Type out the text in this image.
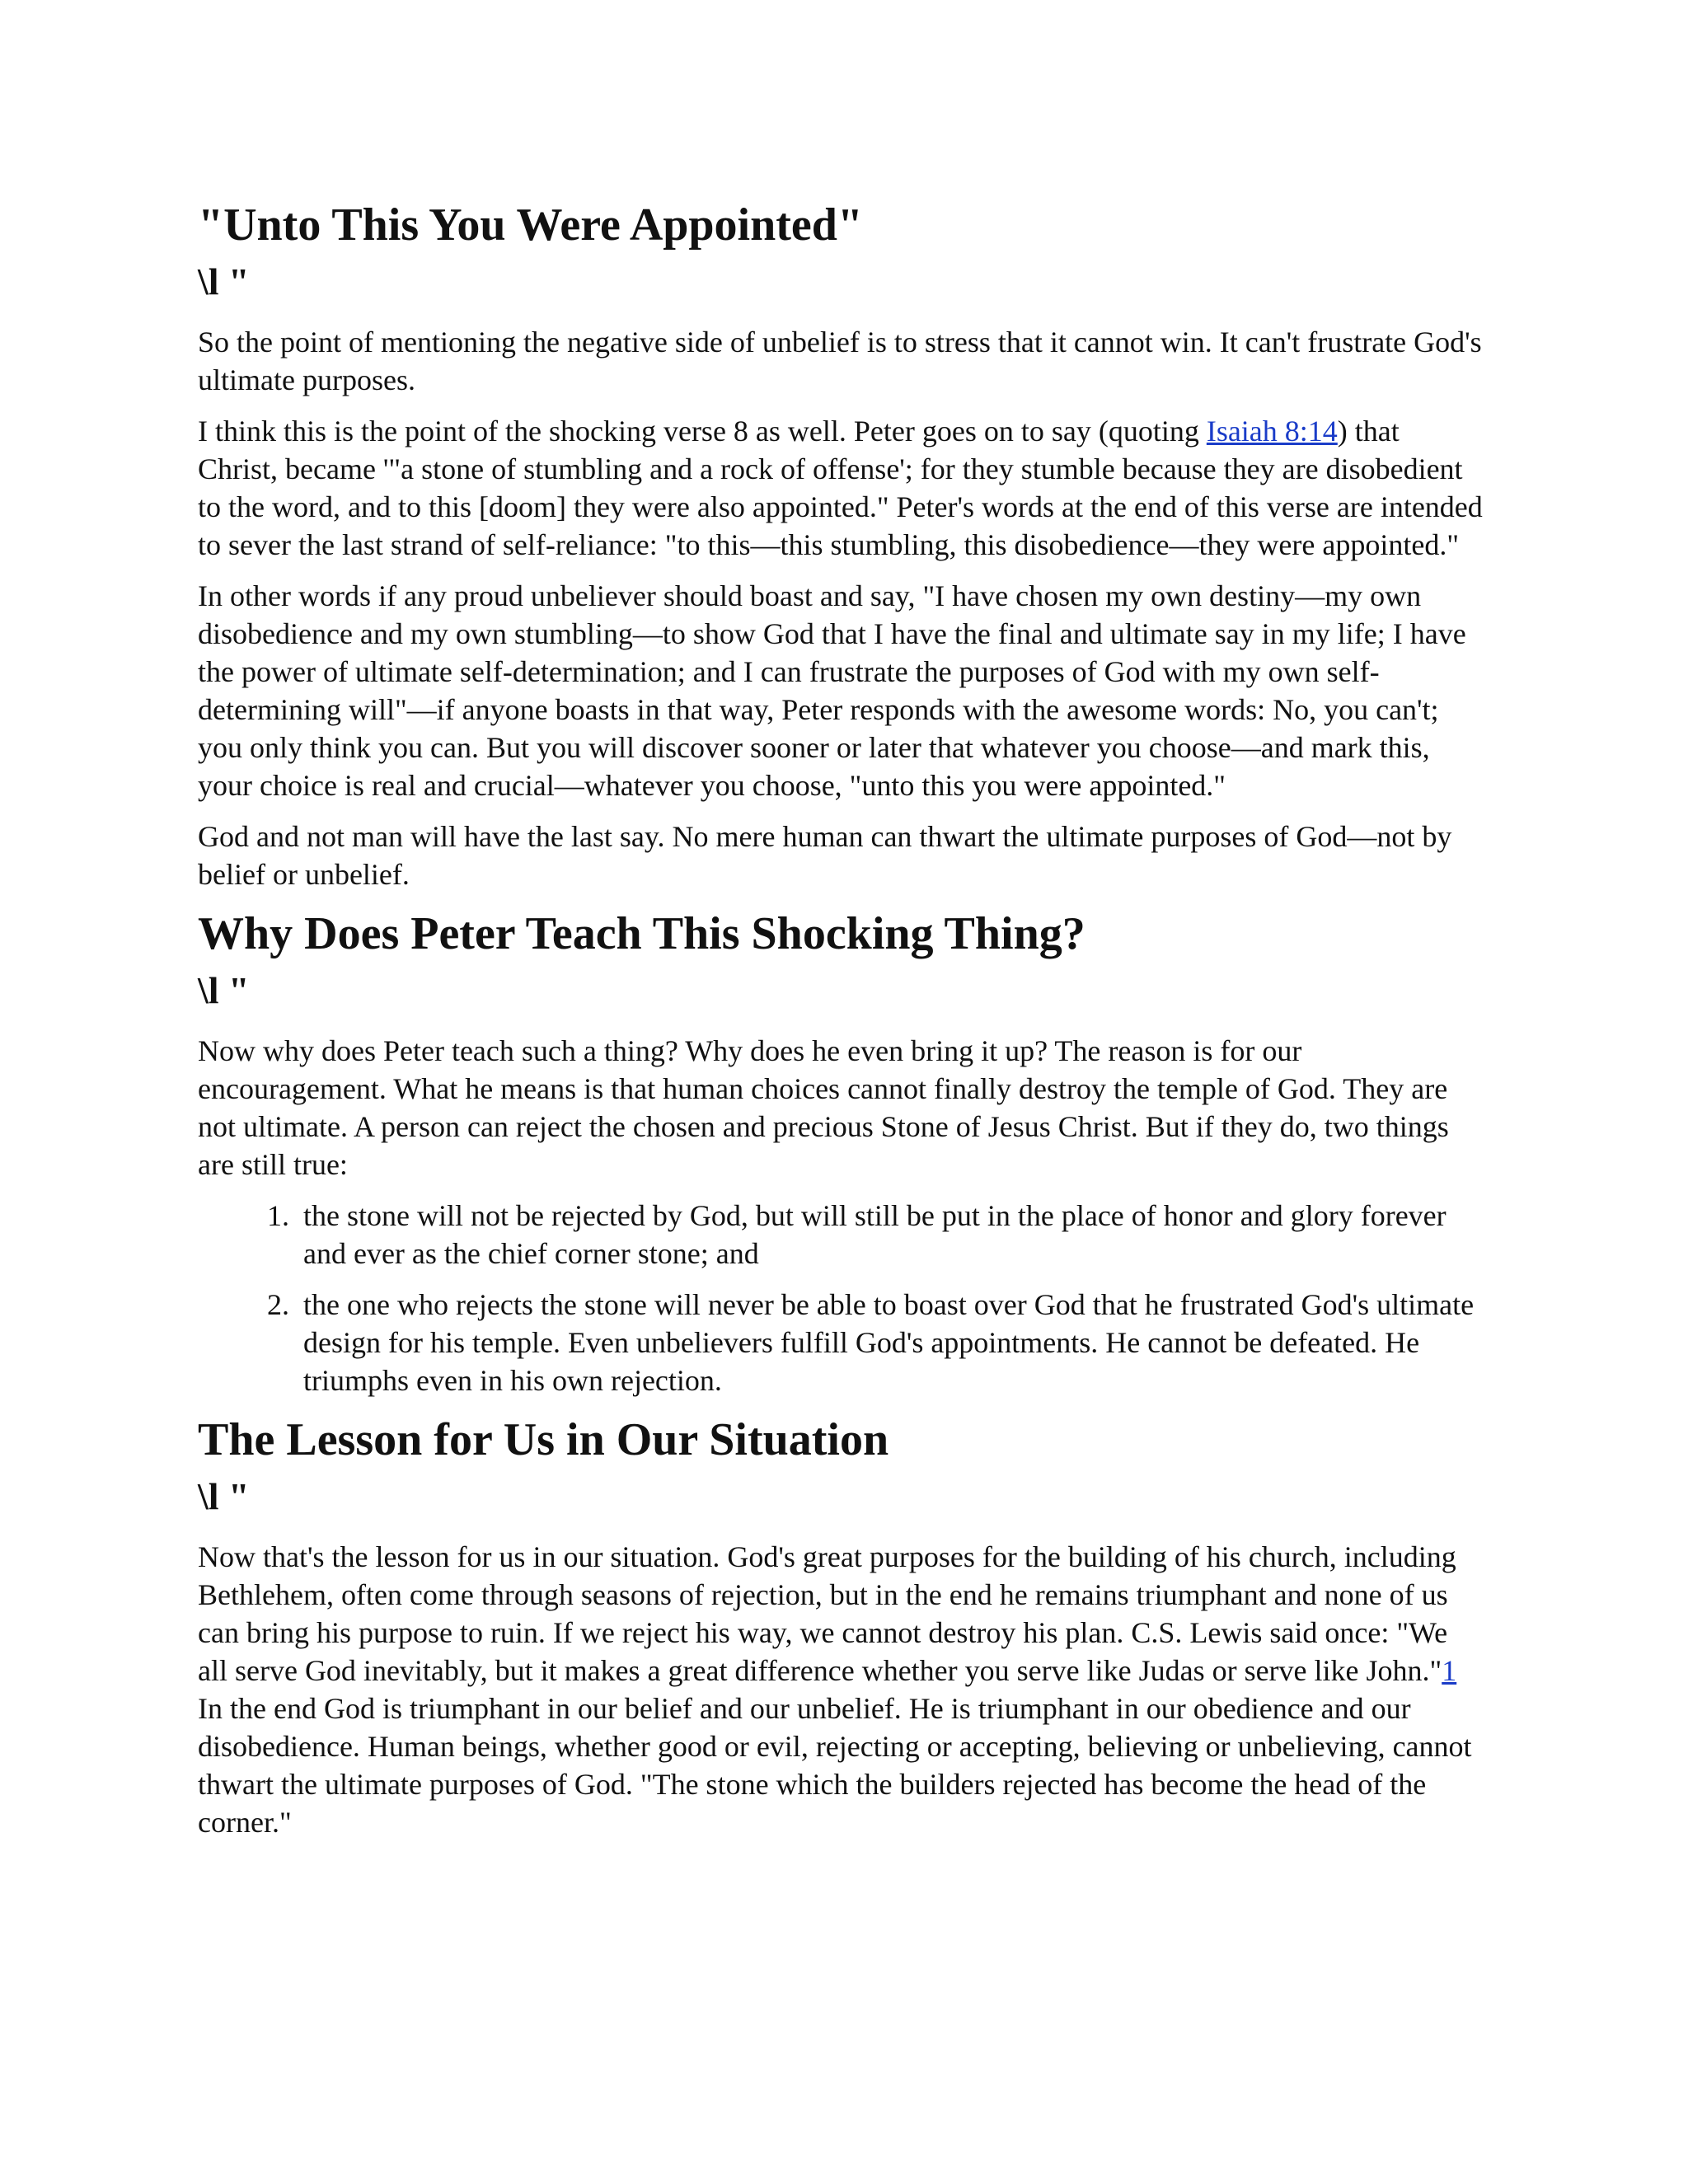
"Unto This You Were Appointed"
\l "

So the point of mentioning the negative side of unbelief is to stress that it cannot win. It can't frustrate God's ultimate purposes.

I think this is the point of the shocking verse 8 as well. Peter goes on to say (quoting Isaiah 8:14) that Christ, became '"a stone of stumbling and a rock of offense'; for they stumble because they are disobedient to the word, and to this [doom] they were also appointed." Peter's words at the end of this verse are intended to sever the last strand of self-reliance: "to this—this stumbling, this disobedience—they were appointed."

In other words if any proud unbeliever should boast and say, "I have chosen my own destiny—my own disobedience and my own stumbling—to show God that I have the final and ultimate say in my life; I have the power of ultimate self-determination; and I can frustrate the purposes of God with my own self-determining will"—if anyone boasts in that way, Peter responds with the awesome words: No, you can't; you only think you can. But you will discover sooner or later that whatever you choose—and mark this, your choice is real and crucial—whatever you choose, "unto this you were appointed."

God and not man will have the last say. No mere human can thwart the ultimate purposes of God—not by belief or unbelief.

Why Does Peter Teach This Shocking Thing?
\l "

Now why does Peter teach such a thing? Why does he even bring it up? The reason is for our encouragement. What he means is that human choices cannot finally destroy the temple of God. They are not ultimate. A person can reject the chosen and precious Stone of Jesus Christ. But if they do, two things are still true:

1. the stone will not be rejected by God, but will still be put in the place of honor and glory forever and ever as the chief corner stone; and
2. the one who rejects the stone will never be able to boast over God that he frustrated God's ultimate design for his temple. Even unbelievers fulfill God's appointments. He cannot be defeated. He triumphs even in his own rejection.
The Lesson for Us in Our Situation
\l "

Now that's the lesson for us in our situation. God's great purposes for the building of his church, including Bethlehem, often come through seasons of rejection, but in the end he remains triumphant and none of us can bring his purpose to ruin. If we reject his way, we cannot destroy his plan. C.S. Lewis said once: "We all serve God inevitably, but it makes a great difference whether you serve like Judas or serve like John."1 In the end God is triumphant in our belief and our unbelief. He is triumphant in our obedience and our disobedience. Human beings, whether good or evil, rejecting or accepting, believing or unbelieving, cannot thwart the ultimate purposes of God. "The stone which the builders rejected has become the head of the corner."
